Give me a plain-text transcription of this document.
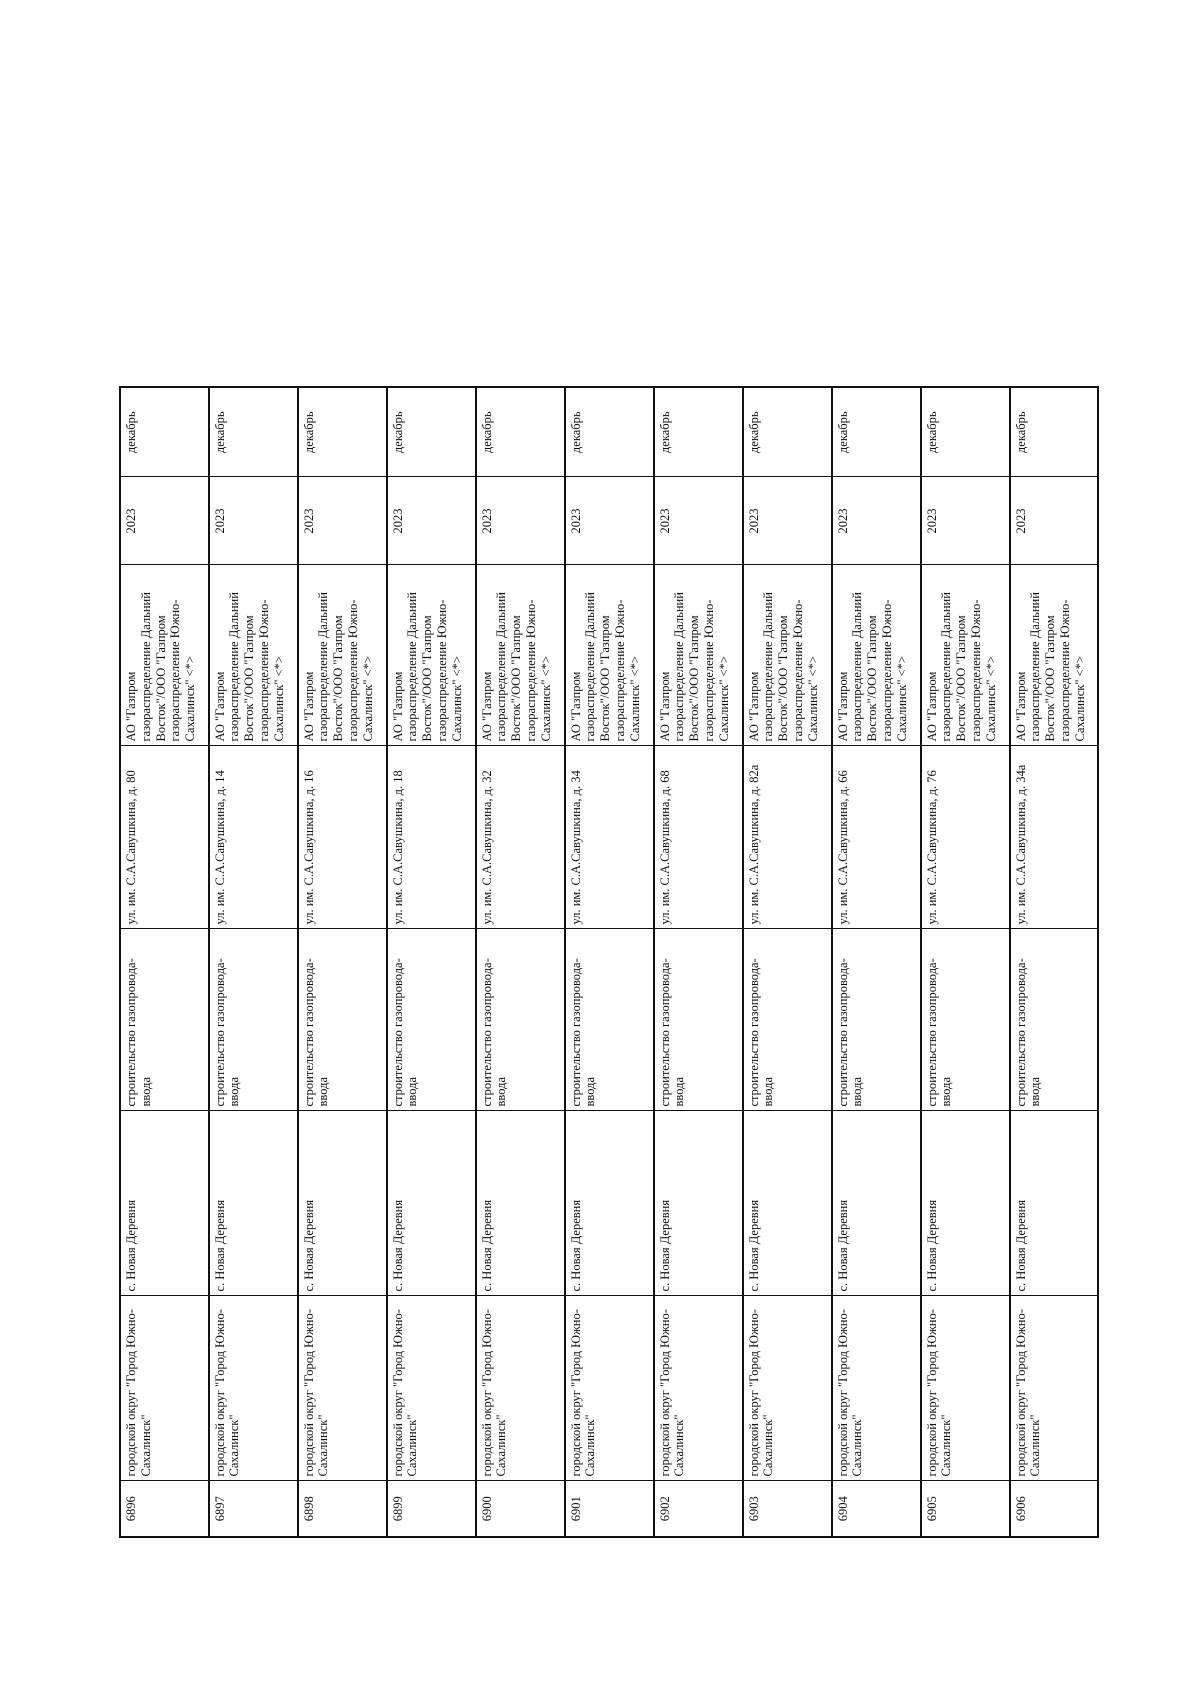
6896	городской округ "Город Южно-Сахалинск"	с. Новая Деревня	строительство газопровода-ввода	ул. им. С.А.Савушкина, д. 80	АО "Газпром газораспределение Дальний Восток"/ООО "Газпром газораспределение Южно-Сахалинск" <*>	2023	декабрь

6897	городской округ "Город Южно-Сахалинск"	с. Новая Деревня	строительство газопровода-ввода	ул. им. С.А.Савушкина, д. 14	АО "Газпром газораспределение Дальний Восток"/ООО "Газпром газораспределение Южно-Сахалинск" <*>	2023	декабрь

6898	городской округ "Город Южно-Сахалинск"	с. Новая Деревня	строительство газопровода-ввода	ул. им. С.А.Савушкина, д. 16	АО "Газпром газораспределение Дальний Восток"/ООО "Газпром газораспределение Южно-Сахалинск" <*>	2023	декабрь

6899	городской округ "Город Южно-Сахалинск"	с. Новая Деревня	строительство газопровода-ввода	ул. им. С.А.Савушкина, д. 18	АО "Газпром газораспределение Дальний Восток"/ООО "Газпром газораспределение Южно-Сахалинск" <*>	2023	декабрь

6900	городской округ "Город Южно-Сахалинск"	с. Новая Деревня	строительство газопровода-ввода	ул. им. С.А.Савушкина, д. 32	АО "Газпром газораспределение Дальний Восток"/ООО "Газпром газораспределение Южно-Сахалинск" <*>	2023	декабрь

6901	городской округ "Город Южно-Сахалинск"	с. Новая Деревня	строительство газопровода-ввода	ул. им. С.А.Савушкина, д. 34	АО "Газпром газораспределение Дальний Восток"/ООО "Газпром газораспределение Южно-Сахалинск" <*>	2023	декабрь

6902	городской округ "Город Южно-Сахалинск"	с. Новая Деревня	строительство газопровода-ввода	ул. им. С.А.Савушкина, д. 68	АО "Газпром газораспределение Дальний Восток"/ООО "Газпром газораспределение Южно-Сахалинск" <*>	2023	декабрь

6903	городской округ "Город Южно-Сахалинск"	с. Новая Деревня	строительство газопровода-ввода	ул. им. С.А.Савушкина, д. 82а	АО "Газпром газораспределение Дальний Восток"/ООО "Газпром газораспределение Южно-Сахалинск" <*>	2023	декабрь

6904	городской округ "Город Южно-Сахалинск"	с. Новая Деревня	строительство газопровода-ввода	ул. им. С.А.Савушкина, д. 66	АО "Газпром газораспределение Дальний Восток"/ООО "Газпром газораспределение Южно-Сахалинск" <*>	2023	декабрь

6905	городской округ "Город Южно-Сахалинск"	с. Новая Деревня	строительство газопровода-ввода	ул. им. С.А.Савушкина, д. 76	АО "Газпром газораспределение Дальний Восток"/ООО "Газпром газораспределение Южно-Сахалинск" <*>	2023	декабрь

6906	городской округ "Город Южно-Сахалинск"	с. Новая Деревня	строительство газопровода-ввода	ул. им. С.А.Савушкина, д. 34а	АО "Газпром газораспределение Дальний Восток"/ООО "Газпром газораспределение Южно-Сахалинск" <*>	2023	декабрь
